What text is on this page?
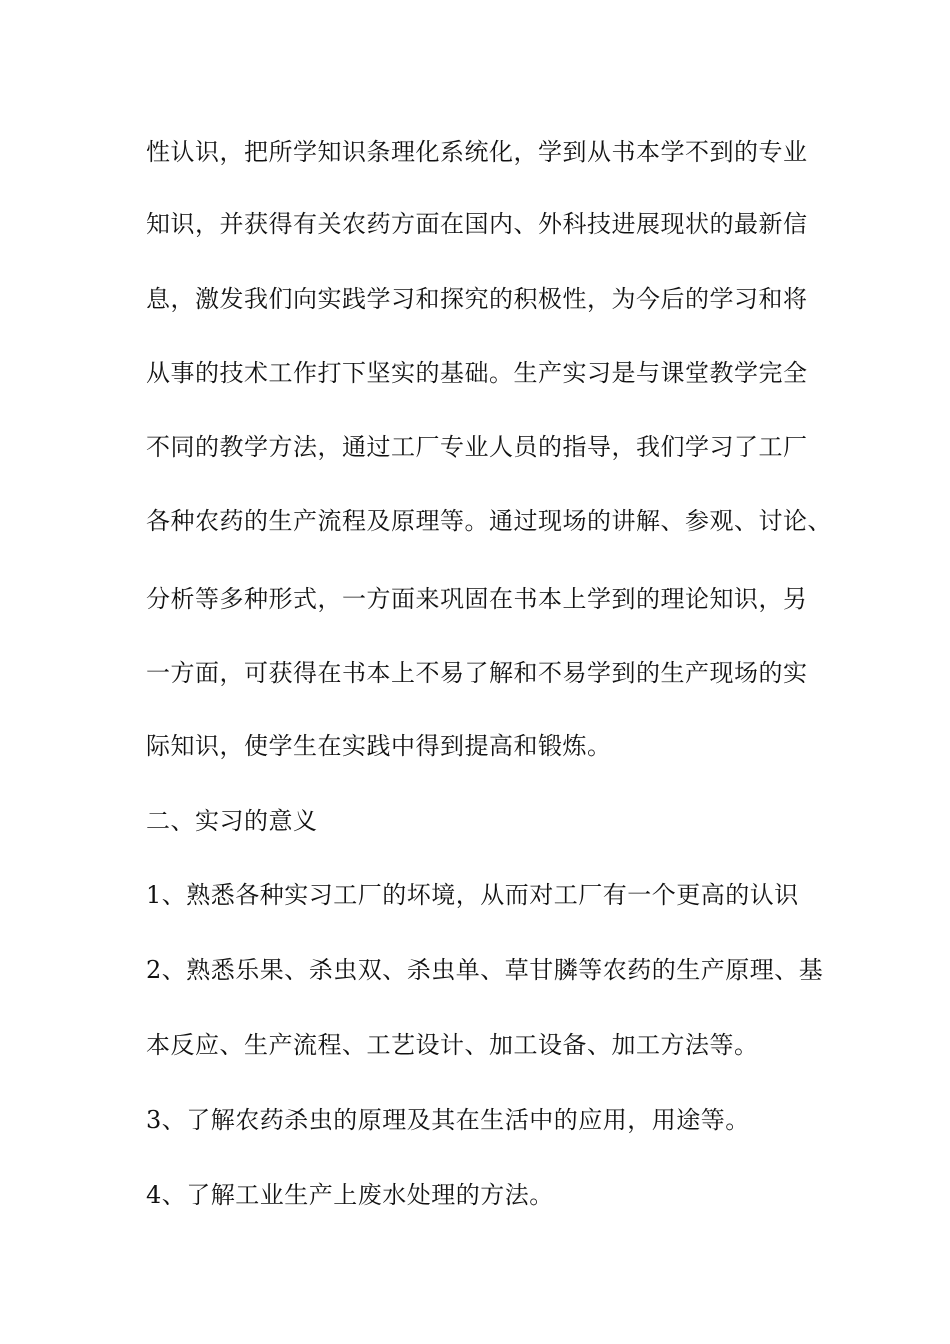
性认识，把所学知识条理化系统化，学到从书本学不到的专业
知识，并获得有关农药方面在国内、外科技进展现状的最新信
息，激发我们向实践学习和探究的积极性，为今后的学习和将
从事的技术工作打下坚实的基础。生产实习是与课堂教学完全
不同的教学方法，通过工厂专业人员的指导，我们学习了工厂
各种农药的生产流程及原理等。通过现场的讲解、参观、讨论、
分析等多种形式，一方面来巩固在书本上学到的理论知识，另
一方面，可获得在书本上不易了解和不易学到的生产现场的实
际知识，使学生在实践中得到提高和锻炼。
二、实习的意义
1、熟悉各种实习工厂的坏境，从而对工厂有一个更高的认识
2、熟悉乐果、杀虫双、杀虫单、草甘膦等农药的生产原理、基
本反应、生产流程、工艺设计、加工设备、加工方法等。
3、了解农药杀虫的原理及其在生活中的应用，用途等。
4、了解工业生产上废水处理的方法。
